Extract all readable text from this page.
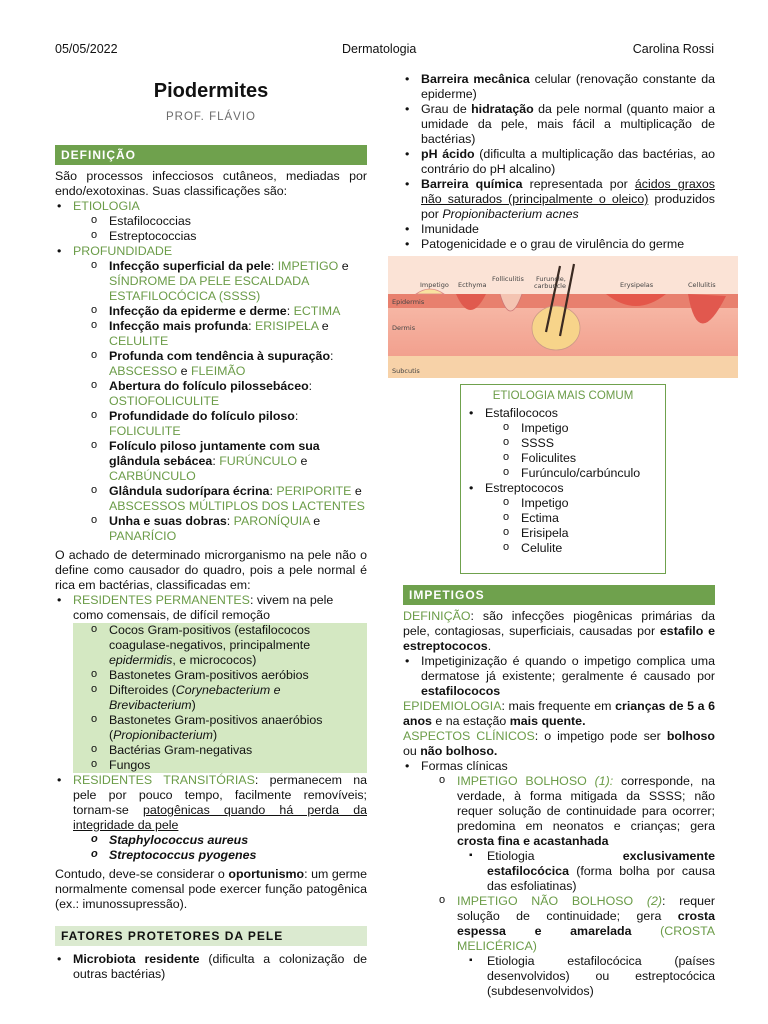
05/05/2022	Dermatologia	Carolina Rossi
Piodermites
PROF. FLÁVIO
DEFINIÇÃO
São processos infecciosos cutâneos, mediadas por endo/exotoxinas. Suas classificações são:
• ETIOLOGIA
o Estafilococcias
o Estreptococcias
• PROFUNDIDADE
o Infecção superficial da pele: IMPETIGO e SÍNDROME DA PELE ESCALDADA ESTAFILOCÓCICA (SSSS)
o Infecção da epiderme e derme: ECTIMA
o Infecção mais profunda: ERISIPELA e CELULITE
o Profunda com tendência à supuração: ABSCESSO e FLEIMÃO
o Abertura do folículo pilossebáceo: OSTIOFOLICULITE
o Profundidade do folículo piloso: FOLICULITE
o Folículo piloso juntamente com sua glândula sebácea: FURÚNCULO e CARBÚNCULO
o Glândula sudorípara écrina: PERIPORITE e ABSCESSOS MÚLTIPLOS DOS LACTENTES
o Unha e suas dobras: PARONÍQUIA e PANARÍCIO
O achado de determinado microrganismo na pele não o define como causador do quadro, pois a pele normal é rica em bactérias, classificadas em:
• RESIDENTES PERMANENTES: vivem na pele como comensais, de difícil remoção
o Cocos Gram-positivos (estafilococos coagulase-negativos, principalmente epidermidis, e micrococos)
o Bastonetes Gram-positivos aeróbios
o Difteroides (Corynebacterium e Brevibacterium)
o Bastonetes Gram-positivos anaeróbios (Propionibacterium)
o Bactérias Gram-negativas
o Fungos
• RESIDENTES TRANSITÓRIAS: permanecem na pele por pouco tempo, facilmente removíveis; tornam-se patogênicas quando há perda da integridade da pele
o Staphylococcus aureus
o Streptococcus pyogenes
Contudo, deve-se considerar o oportunismo: um germe normalmente comensal pode exercer função patogênica (ex.: imunossupressão).
FATORES PROTETORES DA PELE
• Microbiota residente (dificulta a colonização de outras bactérias)
• Barreira mecânica celular (renovação constante da epiderme)
• Grau de hidratação da pele normal (quanto maior a umidade da pele, mais fácil a multiplicação de bactérias)
• pH ácido (dificulta a multiplicação das bactérias, ao contrário do pH alcalino)
• Barreira química representada por ácidos graxos não saturados (principalmente o oleico) produzidos por Propionibacterium acnes
• Imunidade
• Patogenicidade e o grau de virulência do germe
Impetigo Ecthyma
Folliculitis Furuncle,
carbuncle	Erysipelas	Cellulitis
Epidermis
Dermis
Subcutis
ETIOLOGIA MAIS COMUM
• Estafilococos
o Impetigo
o SSSS
o Foliculites
o Furúnculo/carbúnculo
• Estreptococos
o Impetigo
o Ectima
o Erisipela
o Celulite
IMPETIGOS
DEFINIÇÃO: são infecções piogênicas primárias da pele, contagiosas, superficiais, causadas por estafilo e estreptococos.
• Impetiginização é quando o impetigo complica uma dermatose já existente; geralmente é causado por estafilococos
EPIDEMIOLOGIA: mais frequente em crianças de 5 a 6 anos e na estação mais quente.
ASPECTOS CLÍNICOS: o impetigo pode ser bolhoso ou não bolhoso.
• Formas clínicas
o IMPETIGO BOLHOSO (1): corresponde, na verdade, à forma mitigada da SSSS; não requer solução de continuidade para ocorrer; predomina em neonatos e crianças; gera crosta fina e acastanhada
▪ Etiologia exclusivamente estafilocócica (forma bolha por causa das esfoliatinas)
o IMPETIGO NÃO BOLHOSO (2): requer solução de continuidade; gera crosta espessa e amarelada (CROSTA MELICÉRICA)
▪ Etiologia estafilocócica (países desenvolvidos) ou estreptocócica (subdesenvolvidos)
